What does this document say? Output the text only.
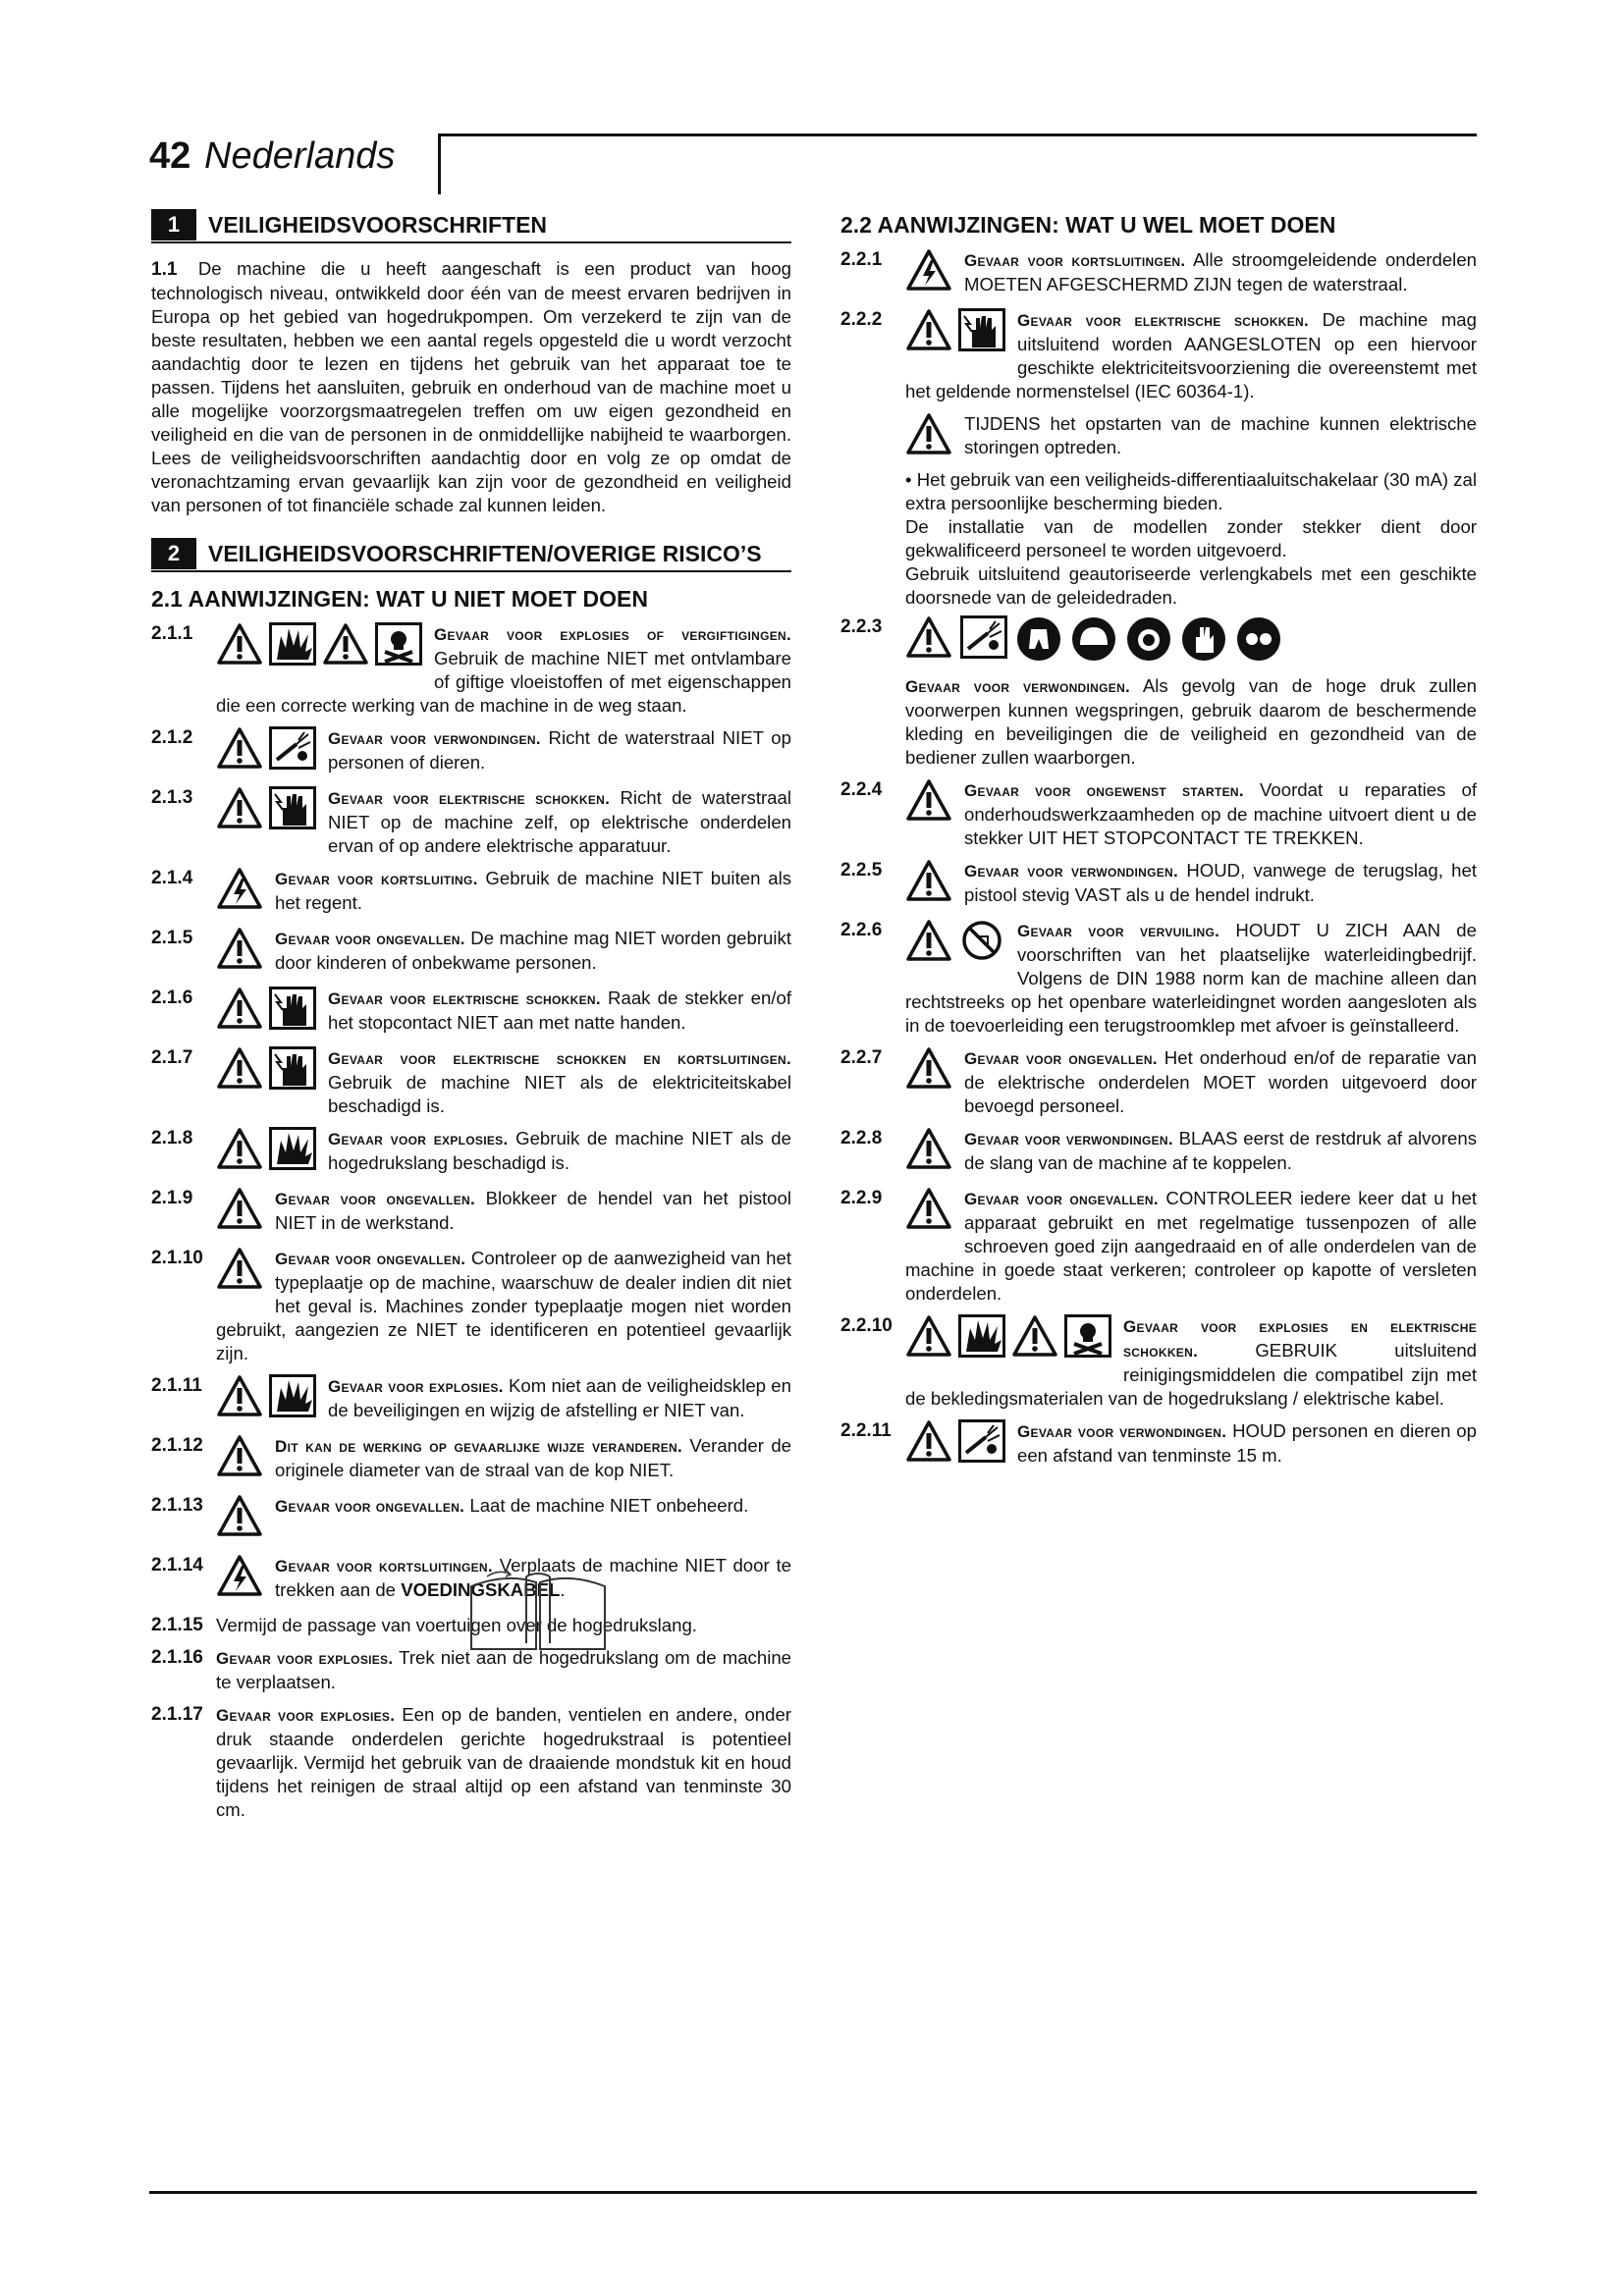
42 Nederlands
1	VEILIGHEIDSVOORSCHRIFTEN
1.1 De machine die u heeft aangeschaft is een product van hoog technologisch niveau, ontwikkeld door één van de meest ervaren bedrijven in Europa op het gebied van hogedrukpompen. Om verzekerd te zijn van de beste resultaten, hebben we een aantal regels opgesteld die u wordt verzocht aandachtig door te lezen en tijdens het gebruik van het apparaat toe te passen. Tijdens het aansluiten, gebruik en onderhoud van de machine moet u alle mogelijke voorzorgsmaatregelen treffen om uw eigen gezondheid en veiligheid en die van de personen in de onmiddellijke nabijheid te waarborgen. Lees de veiligheidsvoorschriften aandachtig door en volg ze op omdat de veronachtzaming ervan gevaarlijk kan zijn voor de gezondheid en veiligheid van personen of tot financiële schade zal kunnen leiden.
2	VEILIGHEIDSVOORSCHRIFTEN/OVERIGE RISICO’S
2.1 AANWIJZINGEN: WAT U NIET MOET DOEN
2.1.1	Gevaar voor explosies of vergiftigingen. Gebruik de machine NIET met ontvlambare of giftige vloeistoffen of met eigenschappen die een correcte werking van de machine in de weg staan.
2.1.2	Gevaar voor verwondingen. Richt de waterstraal NIET op personen of dieren.
2.1.3	Gevaar voor elektrische schokken. Richt de waterstraal NIET op de machine zelf, op elektrische onderdelen ervan of op andere elektrische apparatuur.
2.1.4	Gevaar voor kortsluiting. Gebruik de machine NIET buiten als het regent.
2.1.5	Gevaar voor ongevallen. De machine mag NIET worden gebruikt door kinderen of onbekwame personen.
2.1.6	Gevaar voor elektrische schokken. Raak de stekker en/of het stopcontact NIET aan met natte handen.
2.1.7	Gevaar voor elektrische schokken en kortsluitingen. Gebruik de machine NIET als de elektriciteitskabel beschadigd is.
2.1.8	Gevaar voor explosies. Gebruik de machine NIET als de hogedrukslang beschadigd is.
2.1.9	Gevaar voor ongevallen. Blokkeer de hendel van het pistool NIET in de werkstand.
2.1.10	Gevaar voor ongevallen. Controleer op de aanwezigheid van het typeplaatje op de machine, waarschuw de dealer indien dit niet het geval is. Machines zonder typeplaatje mogen niet worden gebruikt, aangezien ze NIET te identificeren en potentieel gevaarlijk zijn.
2.1.11	Gevaar voor explosies. Kom niet aan de veiligheidsklep en de beveiligingen en wijzig de afstelling er NIET van.
2.1.12	Dit kan de werking op gevaarlijke wijze veranderen. Verander de originele diameter van de straal van de kop NIET.
2.1.13	Gevaar voor ongevallen. Laat de machine NIET onbeheerd.
2.1.14	Gevaar voor kortsluitingen. Verplaats de machine NIET door te trekken aan de VOEDINGSKABEL.
2.1.15 Vermijd de passage van voertuigen over de hogedrukslang.
2.1.16 Gevaar voor explosies. Trek niet aan de hogedrukslang om de machine te verplaatsen.
2.1.17 Gevaar voor explosies. Een op de banden, ventielen en andere, onder druk staande onderdelen gerichte hogedrukstraal is potentieel gevaarlijk. Vermijd het gebruik van de draaiende mondstuk kit en houd tijdens het reinigen de straal altijd op een afstand van tenminste 30 cm.
2.2 AANWIJZINGEN: WAT U WEL MOET DOEN
2.2.1	Gevaar voor kortsluitingen. Alle stroomgeleidende onderdelen MOETEN AFGESCHERMD ZIJN tegen de waterstraal.
2.2.2	Gevaar voor elektrische schokken. De machine mag uitsluitend worden AANGESLOTEN op een hiervoor geschikte elektriciteitsvoorziening die overeenstemt met het geldende normenstelsel (IEC 60364-1).
TIJDENS het opstarten van de machine kunnen elektrische storingen optreden.
• Het gebruik van een veiligheids-differentiaaluitschakelaar (30 mA) zal extra persoonlijke bescherming bieden.
De installatie van de modellen zonder stekker dient door gekwalificeerd personeel te worden uitgevoerd.
Gebruik uitsluitend geautoriseerde verlengkabels met een geschikte doorsnede van de geleidedraden.
2.2.3
Gevaar voor verwondingen. Als gevolg van de hoge druk zullen voorwerpen kunnen wegspringen, gebruik daarom de beschermende kleding en beveiligingen die de veiligheid en gezondheid van de bediener zullen waarborgen.
2.2.4	Gevaar voor ongewenst starten. Voordat u reparaties of onderhoudswerkzaamheden op de machine uitvoert dient u de stekker UIT HET STOPCONTACT TE TREKKEN.
2.2.5	Gevaar voor verwondingen. HOUD, vanwege de terugslag, het pistool stevig VAST als u de hendel indrukt.
2.2.6	Gevaar voor vervuiling. HOUDT U ZICH AAN de voorschriften van het plaatselijke waterleidingbedrijf. Volgens de DIN 1988 norm kan de machine alleen dan rechtstreeks op het openbare waterleidingnet worden aangesloten als in de toevoerleiding een terugstroomklep met afvoer is geïnstalleerd.
2.2.7	Gevaar voor ongevallen. Het onderhoud en/of de reparatie van de elektrische onderdelen MOET worden uitgevoerd door bevoegd personeel.
2.2.8	Gevaar voor verwondingen. BLAAS eerst de restdruk af alvorens de slang van de machine af te koppelen.
2.2.9	Gevaar voor ongevallen. CONTROLEER iedere keer dat u het apparaat gebruikt en met regelmatige tussenpozen of alle schroeven goed zijn aangedraaid en of alle onderdelen van de machine in goede staat verkeren; controleer op kapotte of versleten onderdelen.
2.2.10	Gevaar voor explosies en elektrische schokken. GEBRUIK uitsluitend reinigingsmiddelen die compatibel zijn met de bekledingsmaterialen van de hogedrukslang / elektrische kabel.
2.2.11	Gevaar voor verwondingen. HOUD personen en dieren op een afstand van tenminste 15 m.
